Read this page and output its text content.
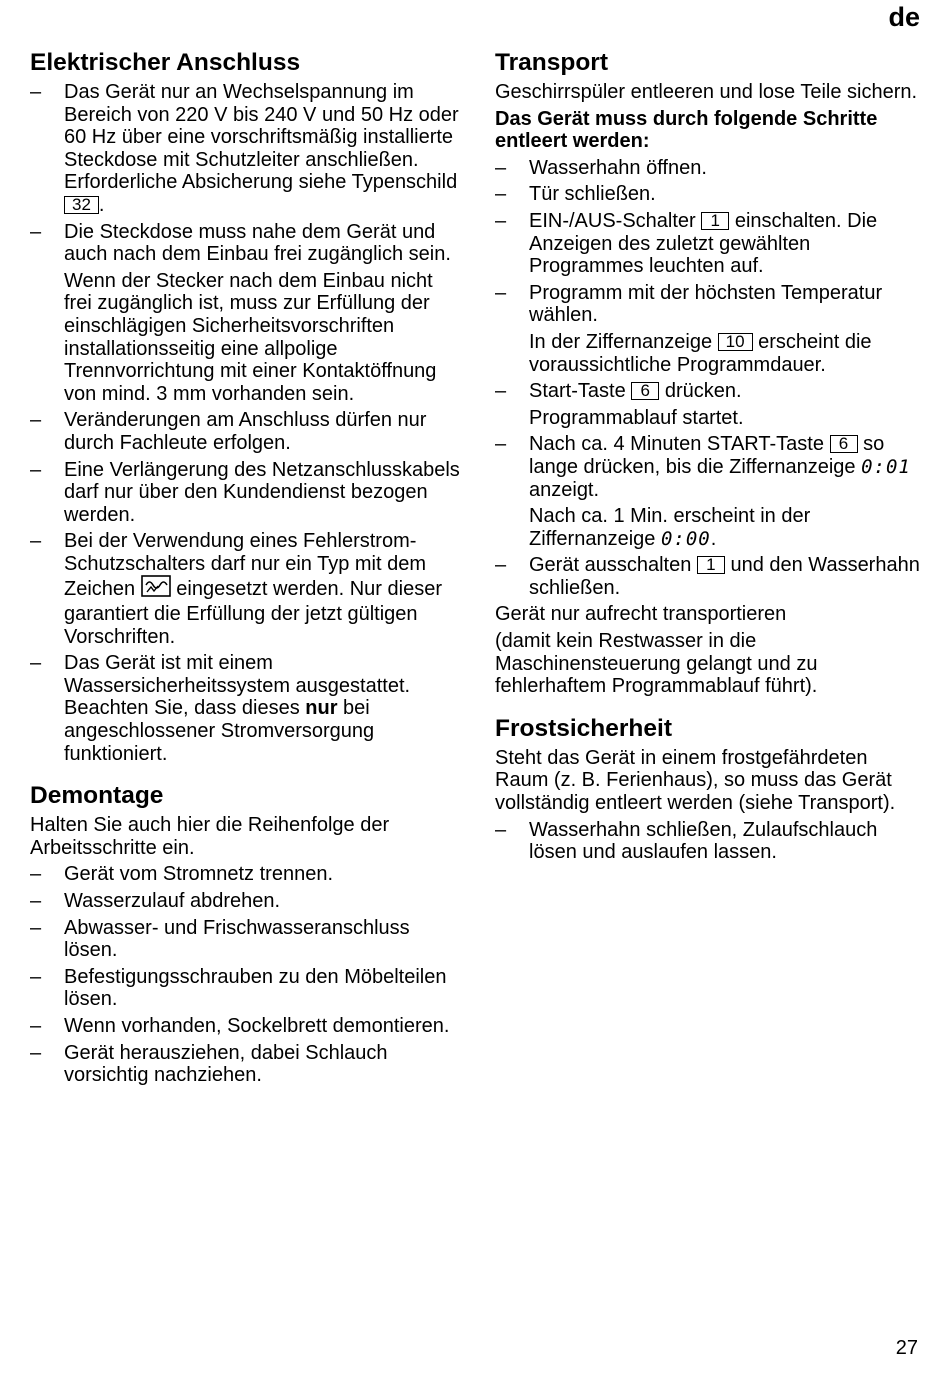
de
Elektrischer Anschluss
– Das Gerät nur an Wechselspannung im Bereich von 220 V bis 240 V und 50 Hz oder 60 Hz über eine vorschriftsmäßig installierte Steckdose mit Schutzleiter anschließen. Erforderliche Absicherung siehe Typenschild 32 .
– Die Steckdose muss nahe dem Gerät und auch nach dem Einbau frei zugänglich sein.

Wenn der Stecker nach dem Einbau nicht frei zugänglich ist, muss zur Erfüllung der einschlägigen Sicherheitsvorschriften installationsseitig eine allpolige Trennvorrichtung mit einer Kontaktöffnung von mind. 3 mm vorhanden sein.

– Veränderungen am Anschluss dürfen nur durch Fachleute erfolgen.
– Eine Verlängerung des Netzanschlusskabels darf nur über den Kundendienst bezogen werden.
– Bei der Verwendung eines Fehlerstrom-Schutzschalters darf nur ein Typ mit dem Zeichen eingesetzt werden. Nur dieser garantiert die Erfüllung der jetzt gültigen Vorschriften.
– Das Gerät ist mit einem Wassersicherheitssystem ausgestattet. Beachten Sie, dass dieses nur bei angeschlossener Stromversorgung funktioniert.
Demontage

Halten Sie auch hier die Reihenfolge der Arbeitsschritte ein.

– Gerät vom Stromnetz trennen.
– Wasserzulauf abdrehen.
– Abwasser- und Frischwasseranschluss lösen.
– Befestigungsschrauben zu den Möbelteilen lösen.
– Wenn vorhanden, Sockelbrett demontieren.
– Gerät herausziehen, dabei Schlauch vorsichtig nachziehen.
Transport

Geschirrspüler entleeren und lose Teile sichern.

Das Gerät muss durch folgende Schritte entleert werden:

– Wasserhahn öffnen.
– Tür schließen.
– EIN-/AUS-Schalter 1 einschalten. Die Anzeigen des zuletzt gewählten Programmes leuchten auf.
– Programm mit der höchsten Temperatur wählen.

In der Ziffernanzeige 10 erscheint die voraussichtliche Programmdauer.

– Start-Taste 6 drücken.

Programmablauf startet.

– Nach ca. 4 Minuten START-Taste 6 so lange drücken, bis die Ziffernanzeige 0:01 anzeigt.

Nach ca. 1 Min. erscheint in der Ziffernanzeige 0:00.

– Gerät ausschalten 1 und den Wasserhahn schließen.

Gerät nur aufrecht transportieren

(damit kein Restwasser in die Maschinensteuerung gelangt und zu fehlerhaftem Programmablauf führt).

Frostsicherheit

Steht das Gerät in einem frostgefährdeten Raum (z. B. Ferienhaus), so muss das Gerät vollständig entleert werden (siehe Transport).

– Wasserhahn schließen, Zulaufschlauch lösen und auslaufen lassen.
27
